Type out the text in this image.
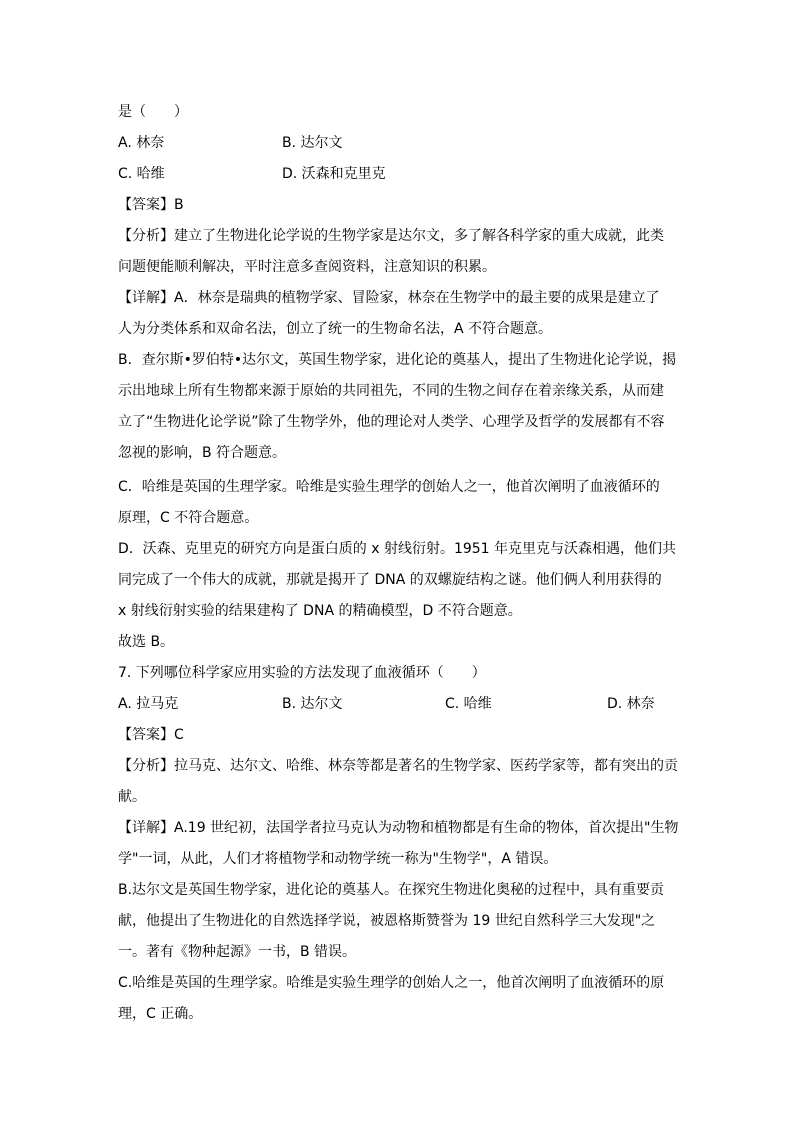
是（　　）
A. 林奈	B. 达尔文
C. 哈维	D. 沃森和克里克
【答案】B
【分析】建立了生物进化论学说的生物学家是达尔文，多了解各科学家的重大成就，此类
问题便能顺利解决，平时注意多查阅资料，注意知识的积累。
【详解】A．林奈是瑞典的植物学家、冒险家，林奈在生物学中的最主要的成果是建立了
人为分类体系和双命名法，创立了统一的生物命名法，A 不符合题意。
B．查尔斯•罗伯特•达尔文，英国生物学家，进化论的奠基人，提出了生物进化论学说，揭
示出地球上所有生物都来源于原始的共同祖先，不同的生物之间存在着亲缘关系，从而建
立了“生物进化论学说”除了生物学外，他的理论对人类学、心理学及哲学的发展都有不容
忽视的影响，B 符合题意。
C．哈维是英国的生理学家。哈维是实验生理学的创始人之一，他首次阐明了血液循环的
原理，C 不符合题意。
D．沃森、克里克的研究方向是蛋白质的 x 射线衍射。1951 年克里克与沃森相遇，他们共
同完成了一个伟大的成就，那就是揭开了 DNA 的双螺旋结构之谜。他们俩人利用获得的
x 射线衍射实验的结果建构了 DNA 的精确模型，D 不符合题意。
故选 B。
7. 下列哪位科学家应用实验的方法发现了血液循环（　　）
A. 拉马克	B. 达尔文	C. 哈维	D. 林奈
【答案】C
【分析】拉马克、达尔文、哈维、林奈等都是著名的生物学家、医药学家等，都有突出的贡
献。
【详解】A.19 世纪初，法国学者拉马克认为动物和植物都是有生命的物体，首次提出"生物
学"一词，从此，人们才将植物学和动物学统一称为"生物学"，A 错误。
B.达尔文是英国生物学家，进化论的奠基人。在探究生物进化奥秘的过程中，具有重要贡
献，他提出了生物进化的自然选择学说，被恩格斯赞誉为 19 世纪自然科学三大发现"之
一。著有《物种起源》一书，B 错误。
C.哈维是英国的生理学家。哈维是实验生理学的创始人之一，他首次阐明了血液循环的原
理，C 正确。
